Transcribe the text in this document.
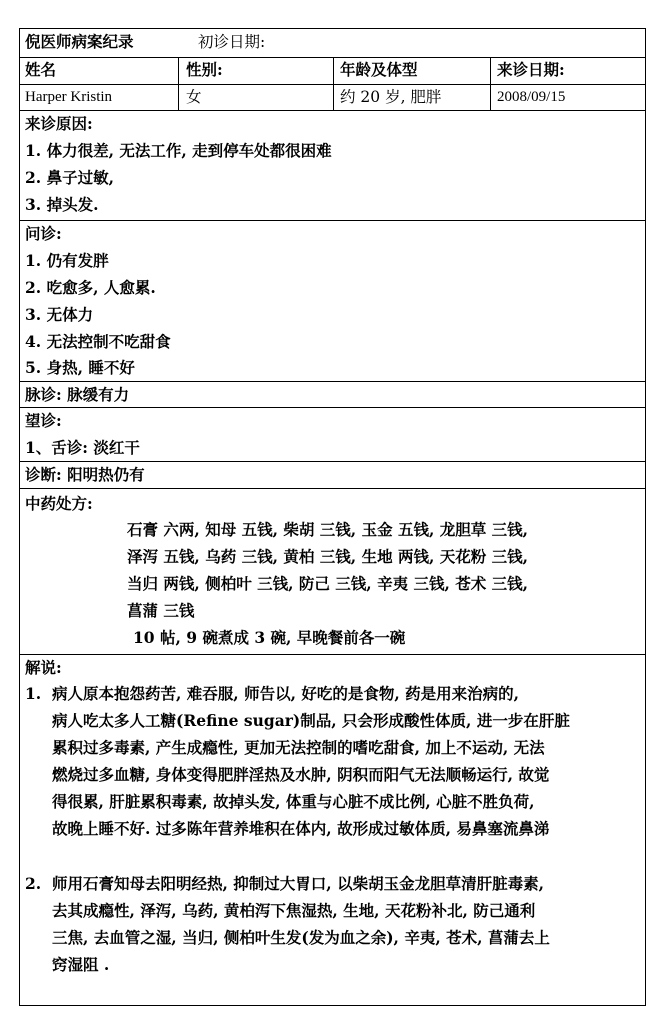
倪医师病案纪录	初诊日期:
姓名	性别:	年龄及体型	来诊日期:
Harper Kristin	女	约 20 岁, 肥胖	2008/09/15
来诊原因:
1. 体力很差, 无法工作, 走到停车处都很困难
2. 鼻子过敏,
3. 掉头发.
问诊:
1. 仍有发胖
2. 吃愈多, 人愈累.
3. 无体力
4. 无法控制不吃甜食
5. 身热, 睡不好
脉诊: 脉缓有力
望诊:
1、舌诊: 淡红干
诊断: 阳明热仍有
中药处方:
石膏 六两, 知母 五钱, 柴胡 三钱, 玉金 五钱, 龙胆草 三钱,
泽泻 五钱, 乌药 三钱, 黄柏 三钱, 生地 两钱, 天花粉 三钱,
当归 两钱, 侧柏叶 三钱, 防己 三钱, 辛夷 三钱, 苍术 三钱,
菖蒲 三钱
10 帖, 9 碗煮成 3 碗, 早晚餐前各一碗
解说:
1. 病人原本抱怨药苦, 难吞服, 师告以, 好吃的是食物, 药是用来治病的,
病人吃太多人工糖(Refine sugar)制品, 只会形成酸性体质, 进一步在肝脏
累积过多毒素, 产生成瘾性, 更加无法控制的嗜吃甜食, 加上不运动, 无法
燃烧过多血糖, 身体变得肥胖淫热及水肿, 阴积而阳气无法顺畅运行, 故觉
得很累, 肝脏累积毒素, 故掉头发, 体重与心脏不成比例, 心脏不胜负荷,
故晚上睡不好. 过多陈年营养堆积在体内, 故形成过敏体质, 易鼻塞流鼻涕
2. 师用石膏知母去阳明经热, 抑制过大胃口, 以柴胡玉金龙胆草清肝脏毒素,
去其成瘾性, 泽泻, 乌药, 黄柏泻下焦湿热, 生地, 天花粉补北, 防己通利
三焦, 去血管之湿, 当归, 侧柏叶生发(发为血之余), 辛夷, 苍术, 菖蒲去上
窍湿阻 .
